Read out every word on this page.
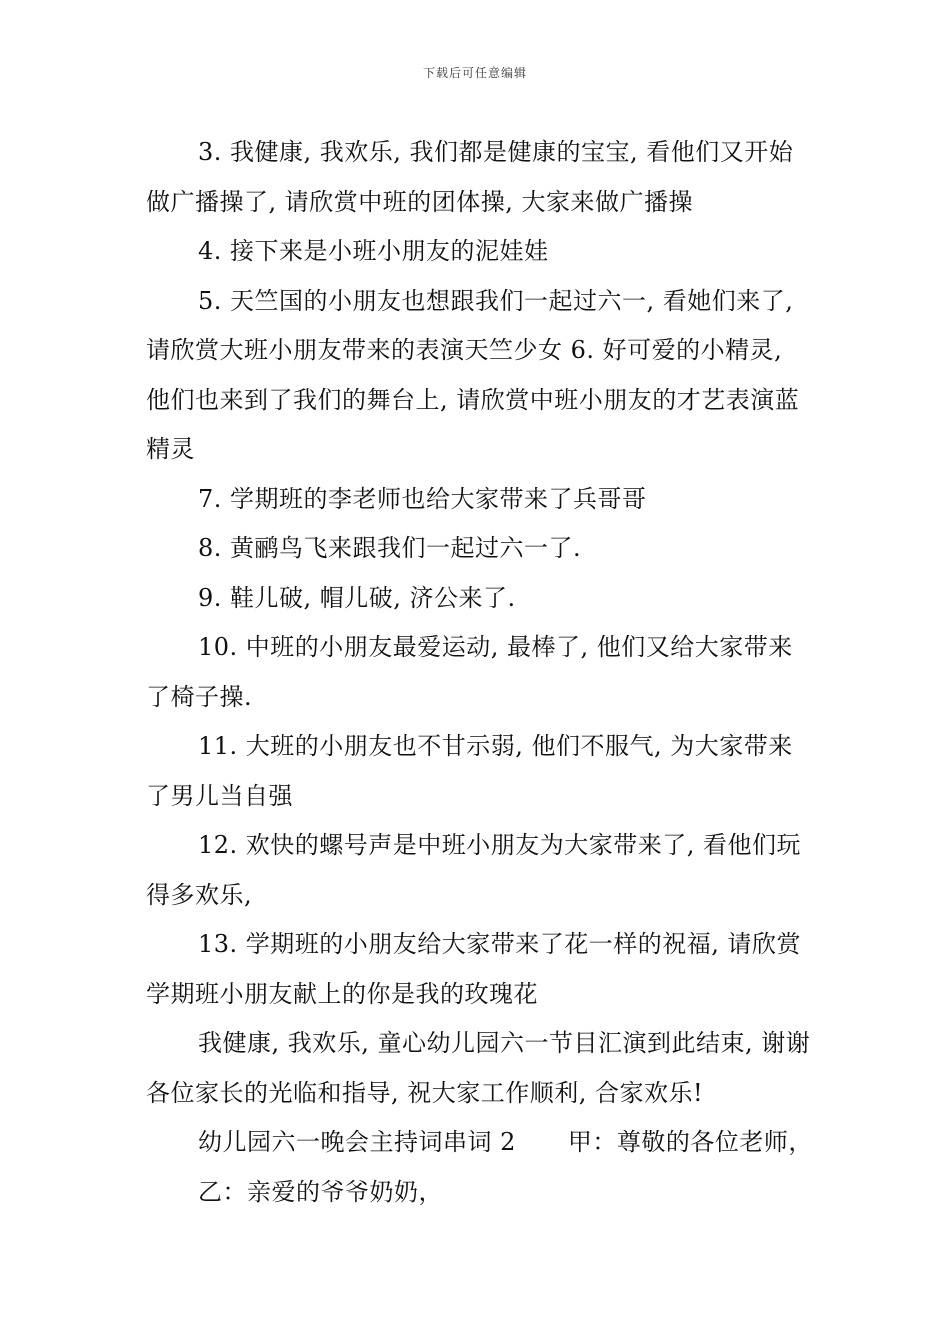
下载后可任意编辑

3. 我健康, 我欢乐, 我们都是健康的宝宝, 看他们又开始做广播操了, 请欣赏中班的团体操, 大家来做广播操

4. 接下来是小班小朋友的泥娃娃

5. 天竺国的小朋友也想跟我们一起过六一, 看她们来了, 请欣赏大班小朋友带来的表演天竺少女 6. 好可爱的小精灵, 他们也来到了我们的舞台上, 请欣赏中班小朋友的才艺表演蓝精灵

7. 学期班的李老师也给大家带来了兵哥哥

8. 黄鹂鸟飞来跟我们一起过六一了.

9. 鞋儿破, 帽儿破, 济公来了.

10. 中班的小朋友最爱运动, 最棒了, 他们又给大家带来了椅子操.

11. 大班的小朋友也不甘示弱, 他们不服气, 为大家带来了男儿当自强

12. 欢快的螺号声是中班小朋友为大家带来了, 看他们玩得多欢乐,

13. 学期班的小朋友给大家带来了花一样的祝福, 请欣赏学期班小朋友献上的你是我的玫瑰花

我健康, 我欢乐, 童心幼儿园六一节目汇演到此结束, 谢谢各位家长的光临和指导, 祝大家工作顺利, 合家欢乐!

幼儿园六一晚会主持词串词 2 甲：尊敬的各位老师，

乙：亲爱的爷爷奶奶，
